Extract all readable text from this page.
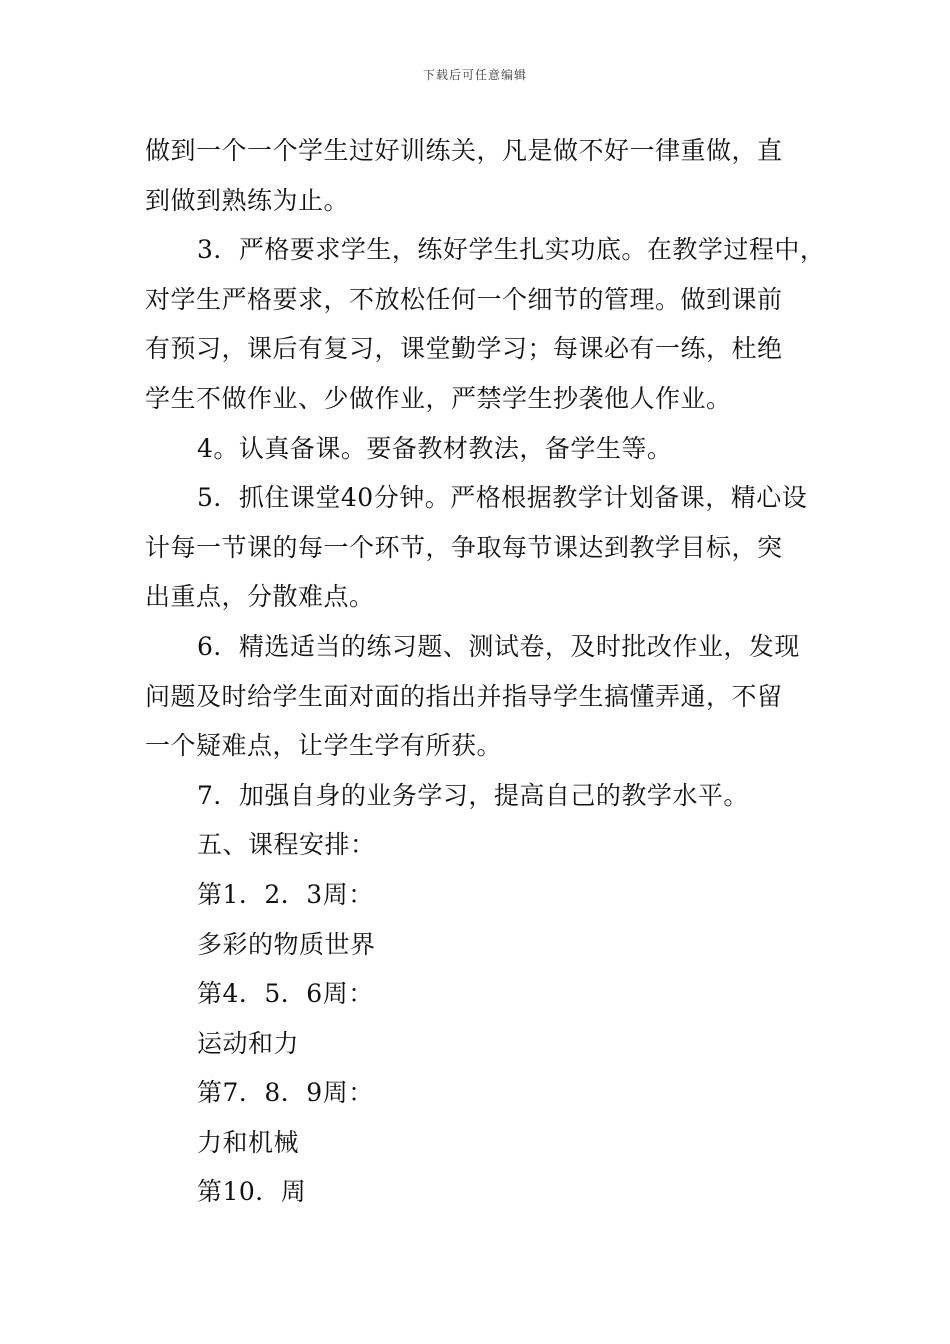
下载后可任意编辑
做到一个一个学生过好训练关，凡是做不好一律重做，直
到做到熟练为止。
3．严格要求学生，练好学生扎实功底。在教学过程中，
对学生严格要求，不放松任何一个细节的管理。做到课前
有预习，课后有复习，课堂勤学习；每课必有一练，杜绝
学生不做作业、少做作业，严禁学生抄袭他人作业。
4。认真备课。要备教材教法，备学生等。
5．抓住课堂40分钟。严格根据教学计划备课，精心设
计每一节课的每一个环节，争取每节课达到教学目标，突
出重点，分散难点。
6．精选适当的练习题、测试卷，及时批改作业，发现
问题及时给学生面对面的指出并指导学生搞懂弄通，不留
一个疑难点，让学生学有所获。
7．加强自身的业务学习，提高自己的教学水平。
五、课程安排：
第1．2．3周：
多彩的物质世界
第4．5．6周：
运动和力
第7．8．9周：
力和机械
第10．周
